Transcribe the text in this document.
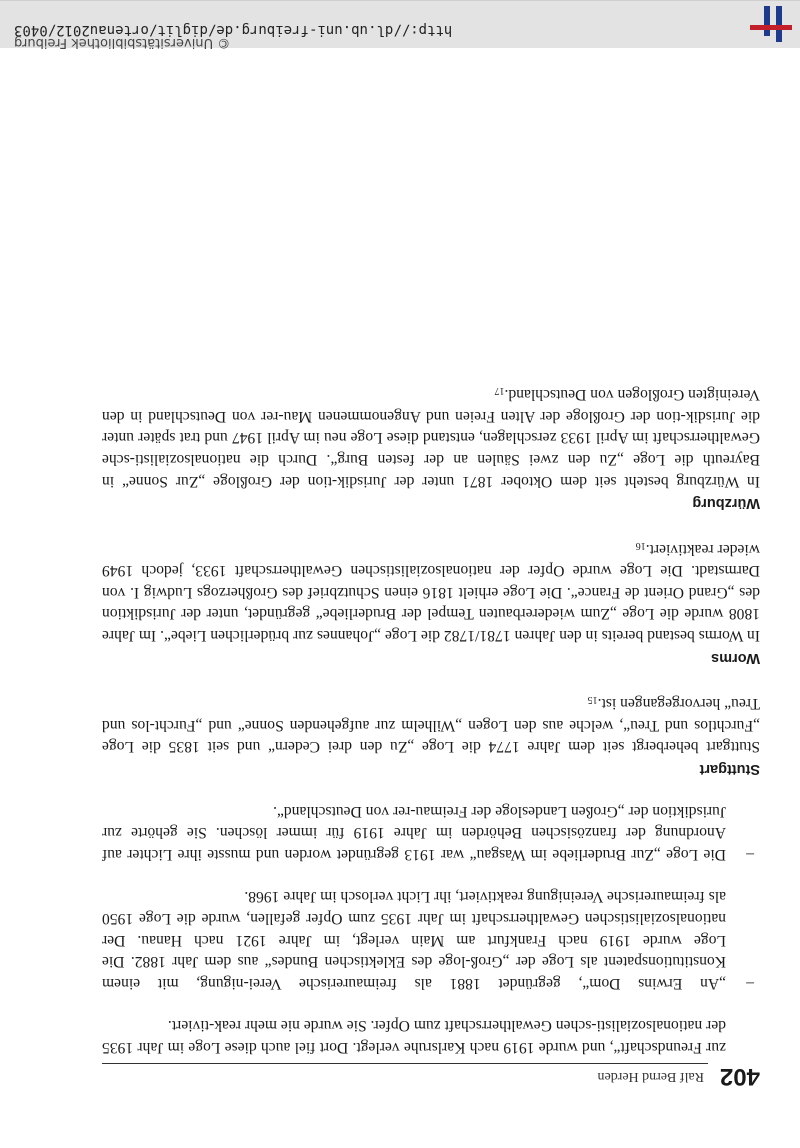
402
Ralf Bernd Herden

zur Freundschaft“, und wurde 1919 nach Karlsruhe verlegt. Dort fiel auch diese Loge im Jahr 1935 der nationalsozialisti-schen Gewaltherrschaft zum Opfer. Sie wurde nie mehr reak-tiviert.

–
„An Erwins Dom“, gegründet 1881 als freimaurerische Verei-nigung, mit einem Konstitutionspatent als Loge der „Groß-loge des Eklektischen Bundes“ aus dem Jahr 1882. Die Loge wurde 1919 nach Frankfurt am Main verlegt, im Jahre 1921 nach Hanau. Der nationalsozialistischen Gewaltherrschaft im Jahr 1935 zum Opfer gefallen, wurde die Loge 1950 als freimaurerische Vereinigung reaktiviert, ihr Licht verlosch im Jahre 1968.

–
Die Loge „Zur Bruderliebe im Wasgau“ war 1913 gegründet worden und musste ihre Lichter auf Anordnung der französischen Behörden im Jahre 1919 für immer löschen. Sie gehörte zur Jurisdiktion der „Großen Landesloge der Freimau-rer von Deutschland“.

Stuttgart

Stuttgart beherbergt seit dem Jahre 1774 die Loge „Zu den drei Cedern“ und seit 1835 die Loge „Furchtlos und Treu“, welche aus den Logen „Wilhelm zur aufgehenden Sonne“ und „Furcht-los und Treu“ hervorgegangen $ist._{15}$

Worms

In Worms bestand bereits in den Jahren 1781/1782 die Loge „Johannes zur brüderlichen Liebe“. Im Jahre 1808 wurde die Loge „Zum wiedererbauten Tempel der Bruderliebe“ gegründet, unter der Jurisdiktion des „Grand Orient de France“. Die Loge erhielt 1816 einen Schutzbrief des Großherzogs Ludwig I. von Darmstadt. Die Loge wurde Opfer der nationalsozialistischen Gewaltherrschaft 1933, jedoch 1949 wieder $reaktiviert._{16}$

Würzburg

In Würzburg besteht seit dem Oktober 1871 unter der Jurisdik-tion der Großloge „Zur Sonne“ in Bayreuth die Loge „Zu den zwei Säulen an der festen Burg“. Durch die nationalsozialisti-sche Gewaltherrschaft im April 1933 zerschlagen, entstand diese Loge neu im April 1947 und trat später unter die Jurisdik-tion der Großloge der Alten Freien und Angenommenen Mau-rer von Deutschland in den Vereinigten Großlogen von $Deutschland._{17}$

http://dl.ub.uni-freiburg.de/diglit/ortenau2012/0403
© Universitätsbibliothek Freiburg
